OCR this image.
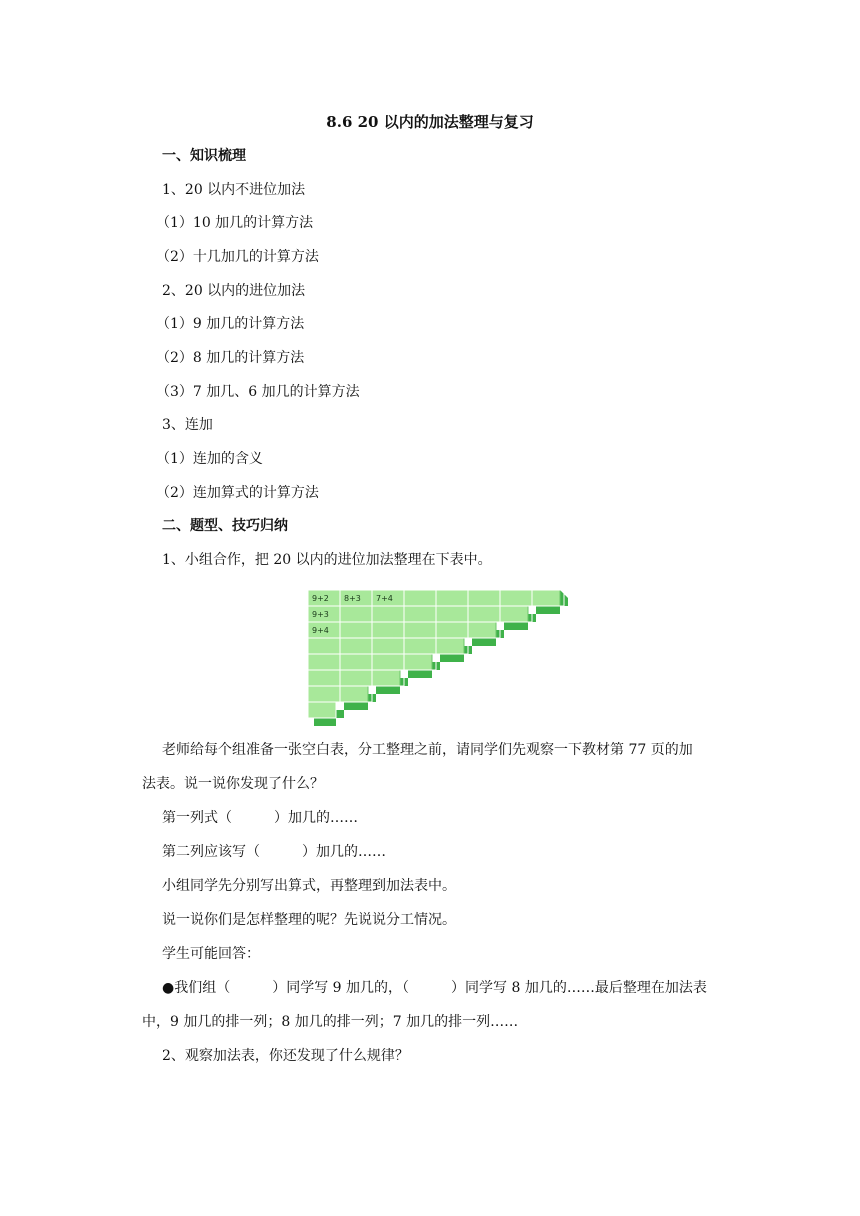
8.6 20 以内的加法整理与复习
一、知识梳理
1、20 以内不进位加法
（1）10 加几的计算方法
（2）十几加几的计算方法
2、20 以内的进位加法
（1）9 加几的计算方法
（2）8 加几的计算方法
（3）7 加几、6 加几的计算方法
3、连加
（1）连加的含义
（2）连加算式的计算方法
二、题型、技巧归纳
1、小组合作，把 20 以内的进位加法整理在下表中。
9+2 8+3 7+4
9+3
9+4
老师给每个组准备一张空白表，分工整理之前，请同学们先观察一下教材第 77 页的加
法表。说一说你发现了什么？
第一列式（　　　）加几的……
第二列应该写（　　　）加几的……
小组同学先分别写出算式，再整理到加法表中。
说一说你们是怎样整理的呢？先说说分工情况。
学生可能回答：
●我们组（　　　）同学写 9 加几的，（　　　）同学写 8 加几的……最后整理在加法表
中，9 加几的排一列；8 加几的排一列；7 加几的排一列……
2、观察加法表，你还发现了什么规律？
